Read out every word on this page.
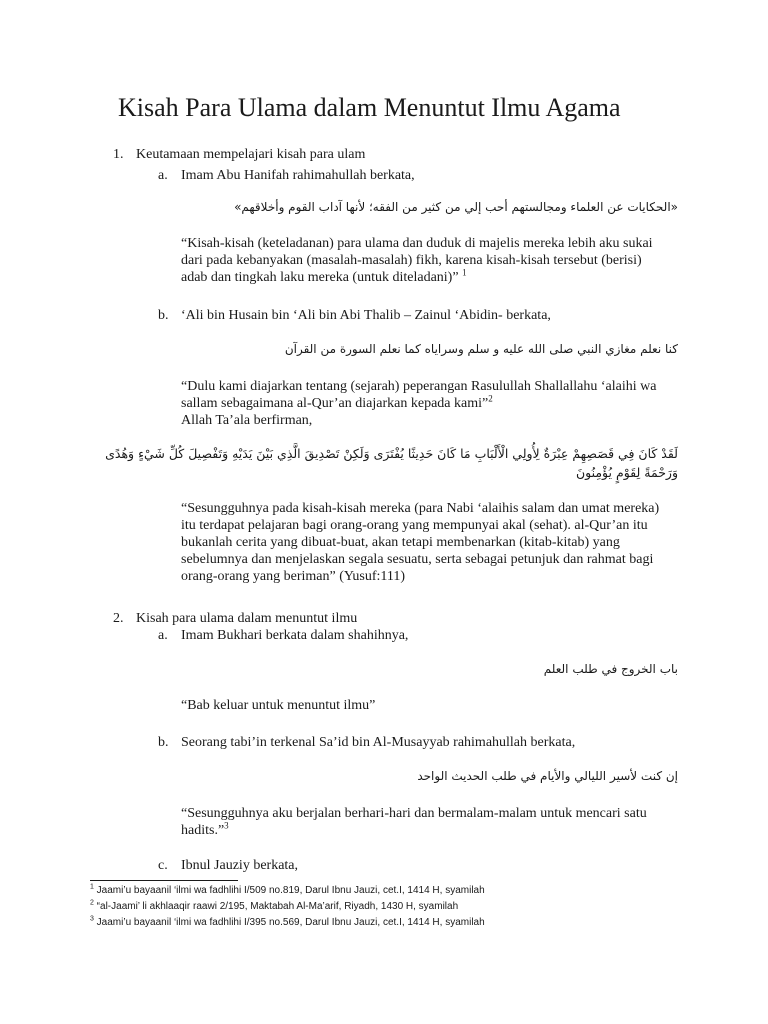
Kisah Para Ulama dalam Menuntut Ilmu Agama
1. Keutamaan mempelajari kisah para ulam
a. Imam Abu Hanifah rahimahullah berkata,
«الحكايات عن العلماء ومجالستهم أحب إلي من كثير من الفقه؛ لأنها آداب القوم وأخلاقهم»
“Kisah-kisah (keteladanan) para ulama dan duduk di majelis mereka lebih aku sukai dari pada kebanyakan (masalah-masalah) fikh, karena kisah-kisah tersebut (berisi) adab dan tingkah laku mereka (untuk diteladani)” $^1$
b. ‘Ali bin Husain bin ‘Ali bin Abi Thalib – Zainul ‘Abidin- berkata,
كنا نعلم مغازي النبي صلى الله عليه و سلم وسراياه كما نعلم السورة من القرآن
“Dulu kami diajarkan tentang (sejarah) peperangan Rasulullah Shallallahu ‘alaihi wa sallam sebagaimana al-Qur’an diajarkan kepada kami”$^2$
Allah Ta’ala berfirman,
لَقَدْ كَانَ فِي قَصَصِهِمْ عِبْرَةٌ لِأُولِي الْأَلْبَابِ مَا كَانَ حَدِيثًا يُفْتَرَى وَلَكِنْ تَصْدِيقَ الَّذِي بَيْنَ يَدَيْهِ وَتَفْصِيلَ كُلِّ شَيْءٍ وَهُدًى
وَرَحْمَةً لِقَوْمٍ يُؤْمِنُونَ
“Sesungguhnya pada kisah-kisah mereka (para Nabi ‘alaihis salam dan umat mereka) itu terdapat pelajaran bagi orang-orang yang mempunyai akal (sehat). al-Qur’an itu bukanlah cerita yang dibuat-buat, akan tetapi membenarkan (kitab-kitab) yang sebelumnya dan menjelaskan segala sesuatu, serta sebagai petunjuk dan rahmat bagi orang-orang yang beriman” (Yusuf:111)
2. Kisah para ulama dalam menuntut ilmu
a. Imam Bukhari berkata dalam shahihnya,
باب الخروج في طلب العلم
“Bab keluar untuk menuntut ilmu”
b. Seorang tabi’in terkenal Sa’id bin Al-Musayyab rahimahullah berkata,
إن كنت لأسير الليالي والأيام في طلب الحديث الواحد
“Sesungguhnya aku berjalan berhari-hari dan bermalam-malam untuk mencari satu hadits.”$^3$
c. Ibnul Jauziy berkata,
$^1$ Jaami’u bayaanil ‘ilmi wa fadhlihi I/509 no.819, Darul Ibnu Jauzi, cet.I, 1414 H, syamilah
$^2$ “al-Jaami’ li akhlaaqir raawi 2/195, Maktabah Al-Ma’arif, Riyadh, 1430 H, syamilah
$^3$ Jaami’u bayaanil ‘ilmi wa fadhlihi I/395 no.569, Darul Ibnu Jauzi, cet.I, 1414 H, syamilah
